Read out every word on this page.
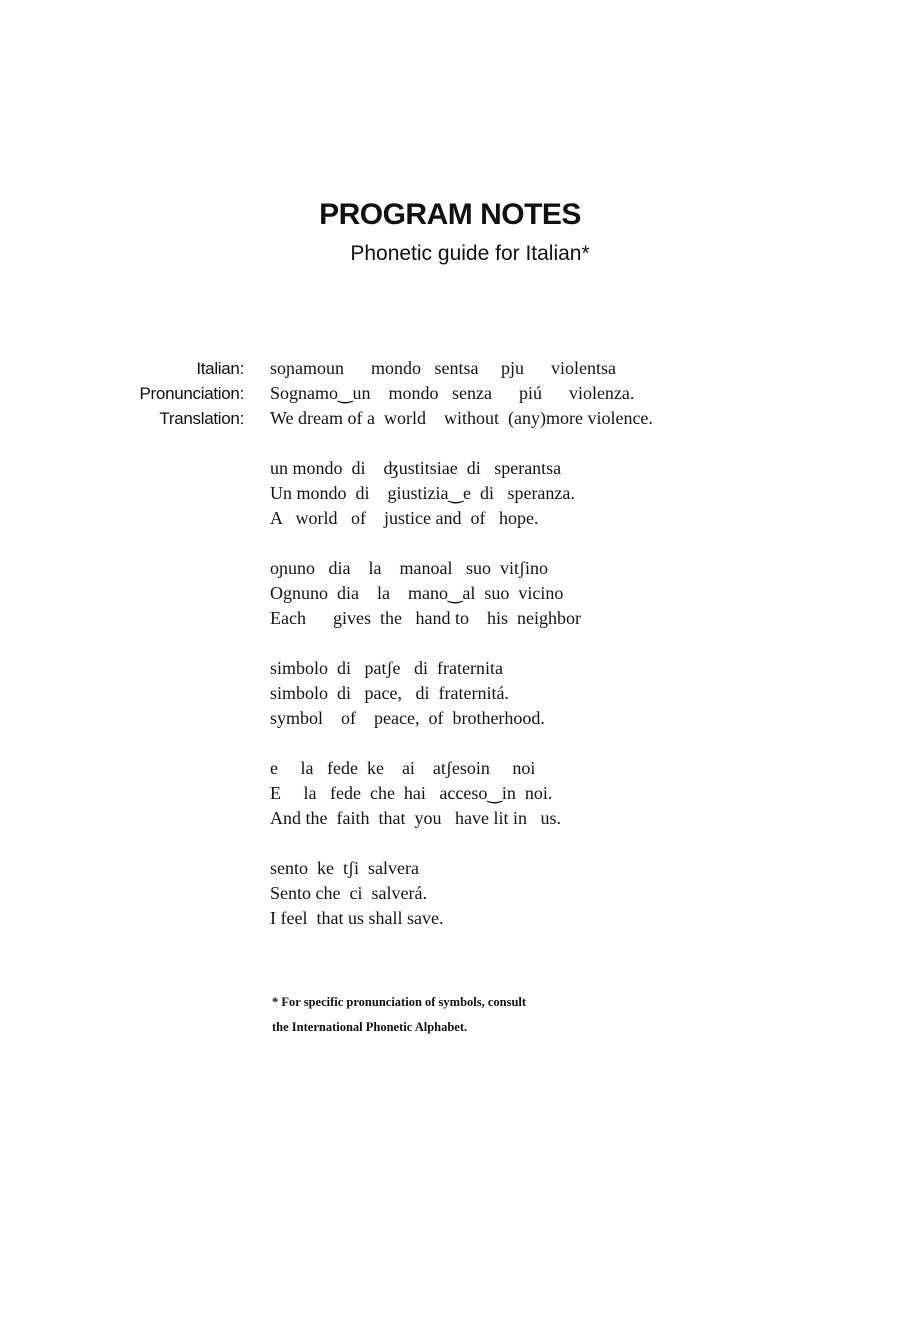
PROGRAM NOTES
Phonetic guide for Italian*
Italian:
Pronunciation:
Translation:
soɲamoun      mondo   sentsa     pju      violentsa
Sognamo‿un    mondo   senza      piú      violenza.
We dream of a  world    without  (any)more violence.
un mondo  di    ʤustitsiae  di   sperantsa
Un mondo  di    giustizia‿e  di   speranza.
A   world   of    justice and  of   hope.
oɲuno   dia    la    manoal   suo  vitʃino
Ognuno  dia    la    mano‿al  suo  vicino
Each      gives  the   hand to    his  neighbor
simbolo  di   patʃe   di  fraternita
simbolo  di   pace,   di  fraternitá.
symbol    of    peace,  of  brotherhood.
e     la   fede  ke    ai    atʃesoin     noi
E     la   fede  che  hai   acceso‿in  noi.
And the  faith  that  you   have lit in   us.
sento  ke  tʃi  salvera
Sento che  ci  salverá.
I feel  that us shall save.
* For specific pronunciation of symbols, consult
the International Phonetic Alphabet.
